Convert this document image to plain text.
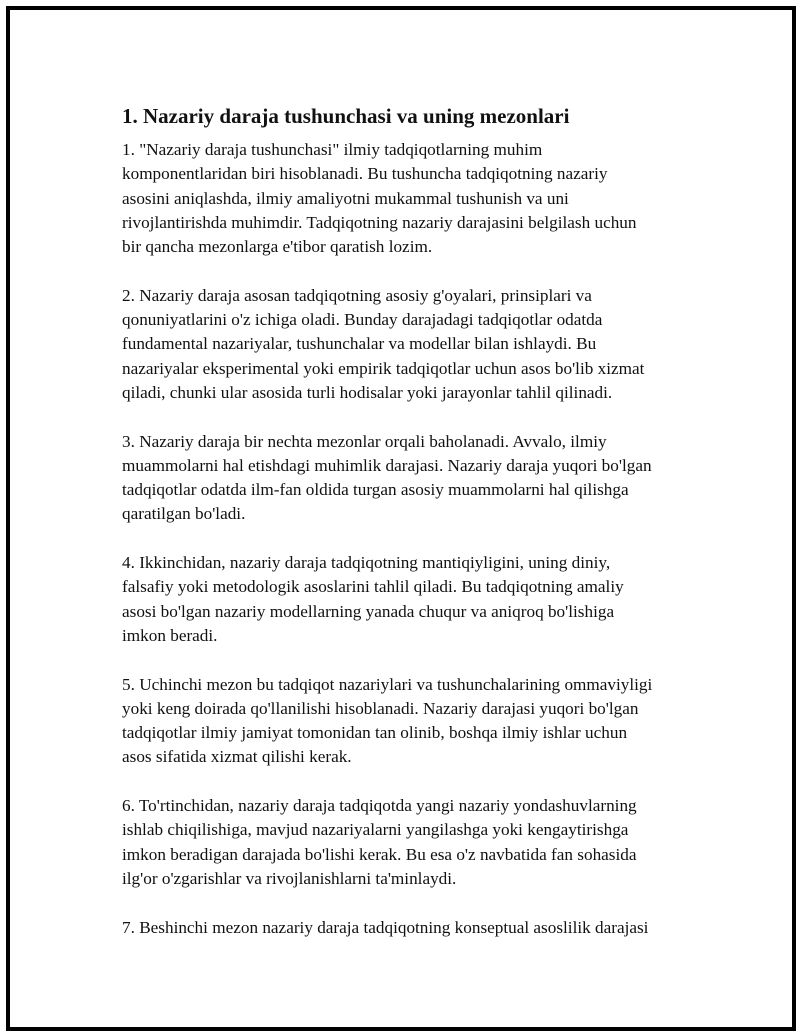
1. Nazariy daraja tushunchasi va uning mezonlari
1. "Nazariy daraja tushunchasi" ilmiy tadqiqotlarning muhim
komponentlaridan biri hisoblanadi. Bu tushuncha tadqiqotning nazariy
asosini aniqlashda, ilmiy amaliyotni mukammal tushunish va uni
rivojlantirishda muhimdir. Tadqiqotning nazariy darajasini belgilash uchun
bir qancha mezonlarga e'tibor qaratish lozim.
2. Nazariy daraja asosan tadqiqotning asosiy g'oyalari, prinsiplari va
qonuniyatlarini o'z ichiga oladi. Bunday darajadagi tadqiqotlar odatda
fundamental nazariyalar, tushunchalar va modellar bilan ishlaydi. Bu
nazariyalar eksperimental yoki empirik tadqiqotlar uchun asos bo'lib xizmat
qiladi, chunki ular asosida turli hodisalar yoki jarayonlar tahlil qilinadi.
3. Nazariy daraja bir nechta mezonlar orqali baholanadi. Avvalo, ilmiy
muammolarni hal etishdagi muhimlik darajasi. Nazariy daraja yuqori bo'lgan
tadqiqotlar odatda ilm-fan oldida turgan asosiy muammolarni hal qilishga
qaratilgan bo'ladi.
4. Ikkinchidan, nazariy daraja tadqiqotning mantiqiyligini, uning diniy,
falsafiy yoki metodologik asoslarini tahlil qiladi. Bu tadqiqotning amaliy
asosi bo'lgan nazariy modellarning yanada chuqur va aniqroq bo'lishiga
imkon beradi.
5. Uchinchi mezon bu tadqiqot nazariylari va tushunchalarining ommaviyligi
yoki keng doirada qo'llanilishi hisoblanadi. Nazariy darajasi yuqori bo'lgan
tadqiqotlar ilmiy jamiyat tomonidan tan olinib, boshqa ilmiy ishlar uchun
asos sifatida xizmat qilishi kerak.
6. To'rtinchidan, nazariy daraja tadqiqotda yangi nazariy yondashuvlarning
ishlab chiqilishiga, mavjud nazariyalarni yangilashga yoki kengaytirishga
imkon beradigan darajada bo'lishi kerak. Bu esa o'z navbatida fan sohasida
ilg'or o'zgarishlar va rivojlanishlarni ta'minlaydi.
7. Beshinchi mezon nazariy daraja tadqiqotning konseptual asoslilik darajasi
